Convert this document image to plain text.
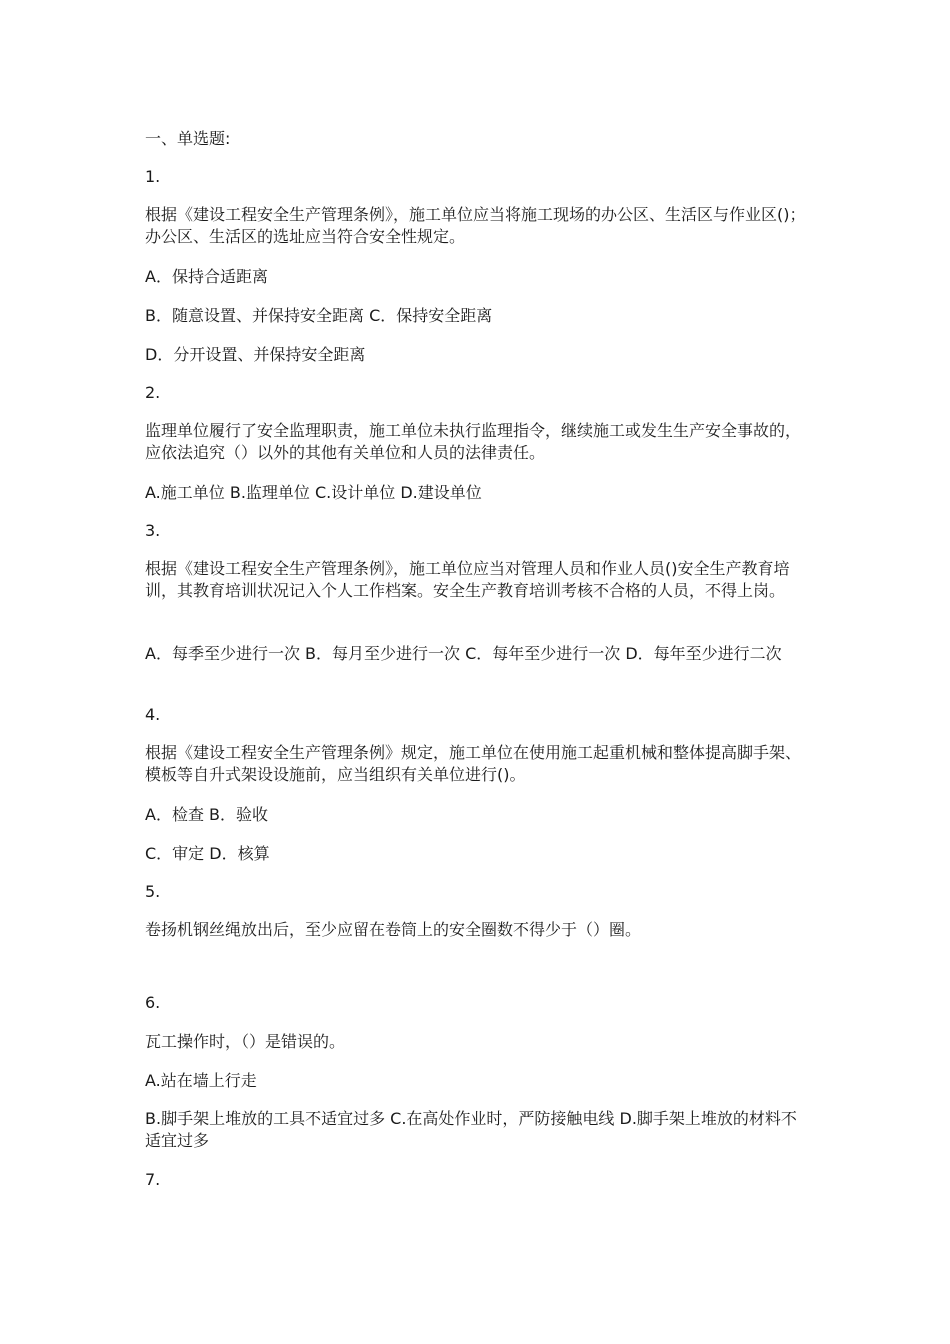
一、单选题:
1.
根据《建设工程安全生产管理条例》，施工单位应当将施工现场的办公区、生活区与作业区()；办公区、生活区的选址应当符合安全性规定。
A．保持合适距离
B．随意设置、并保持安全距离 C．保持安全距离
D．分开设置、并保持安全距离
2.
监理单位履行了安全监理职责，施工单位未执行监理指令，继续施工或发生生产安全事故的，应依法追究（）以外的其他有关单位和人员的法律责任。
A.施工单位 B.监理单位 C.设计单位 D.建设单位
3.
根据《建设工程安全生产管理条例》，施工单位应当对管理人员和作业人员()安全生产教育培训，其教育培训状况记入个人工作档案。安全生产教育培训考核不合格的人员，不得上岗。
A．每季至少进行一次 B．每月至少进行一次 C．每年至少进行一次 D．每年至少进行二次
4.
根据《建设工程安全生产管理条例》规定，施工单位在使用施工起重机械和整体提高脚手架、模板等自升式架设设施前，应当组织有关单位进行()。
A．检查 B．验收
C．审定 D．核算
5.
卷扬机钢丝绳放出后，至少应留在卷筒上的安全圈数不得少于（）圈。
6.
瓦工操作时，（）是错误的。
A.站在墙上行走
B.脚手架上堆放的工具不适宜过多 C.在高处作业时，严防接触电线 D.脚手架上堆放的材料不适宜过多
7.
